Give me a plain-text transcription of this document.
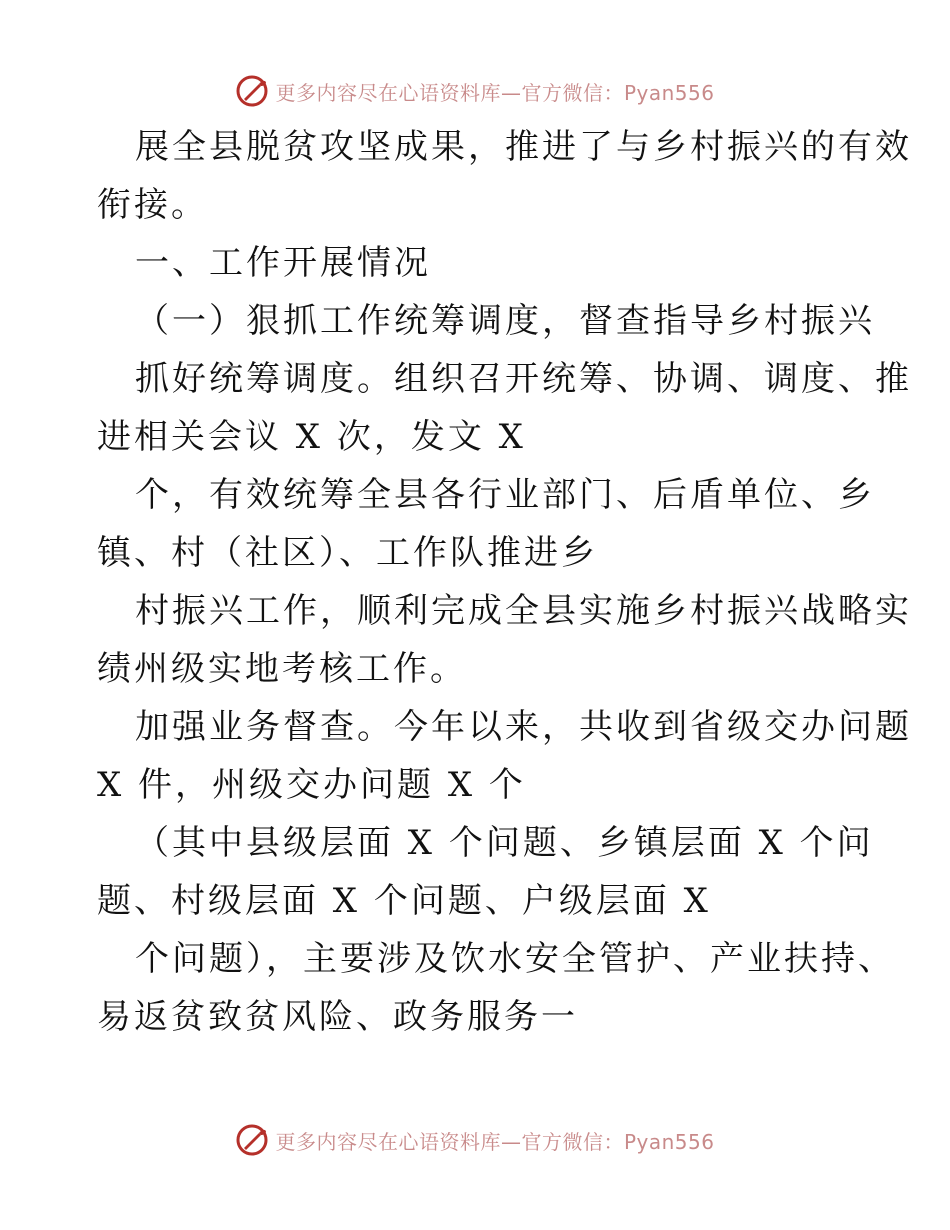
更多内容尽在心语资料库—官方微信：Pyan556
展全县脱贫攻坚成果，推进了与乡村振兴的有效
衔接。
一、工作开展情况
（一）狠抓工作统筹调度，督查指导乡村振兴
抓好统筹调度。组织召开统筹、协调、调度、推
进相关会议 X 次，发文 X
个，有效统筹全县各行业部门、后盾单位、乡
镇、村（社区）、工作队推进乡
村振兴工作，顺利完成全县实施乡村振兴战略实
绩州级实地考核工作。
加强业务督查。今年以来，共收到省级交办问题
X 件，州级交办问题 X 个
（其中县级层面 X 个问题、乡镇层面 X 个问
题、村级层面 X 个问题、户级层面 X
个问题），主要涉及饮水安全管护、产业扶持、
易返贫致贫风险、政务服务一
更多内容尽在心语资料库—官方微信：Pyan556
